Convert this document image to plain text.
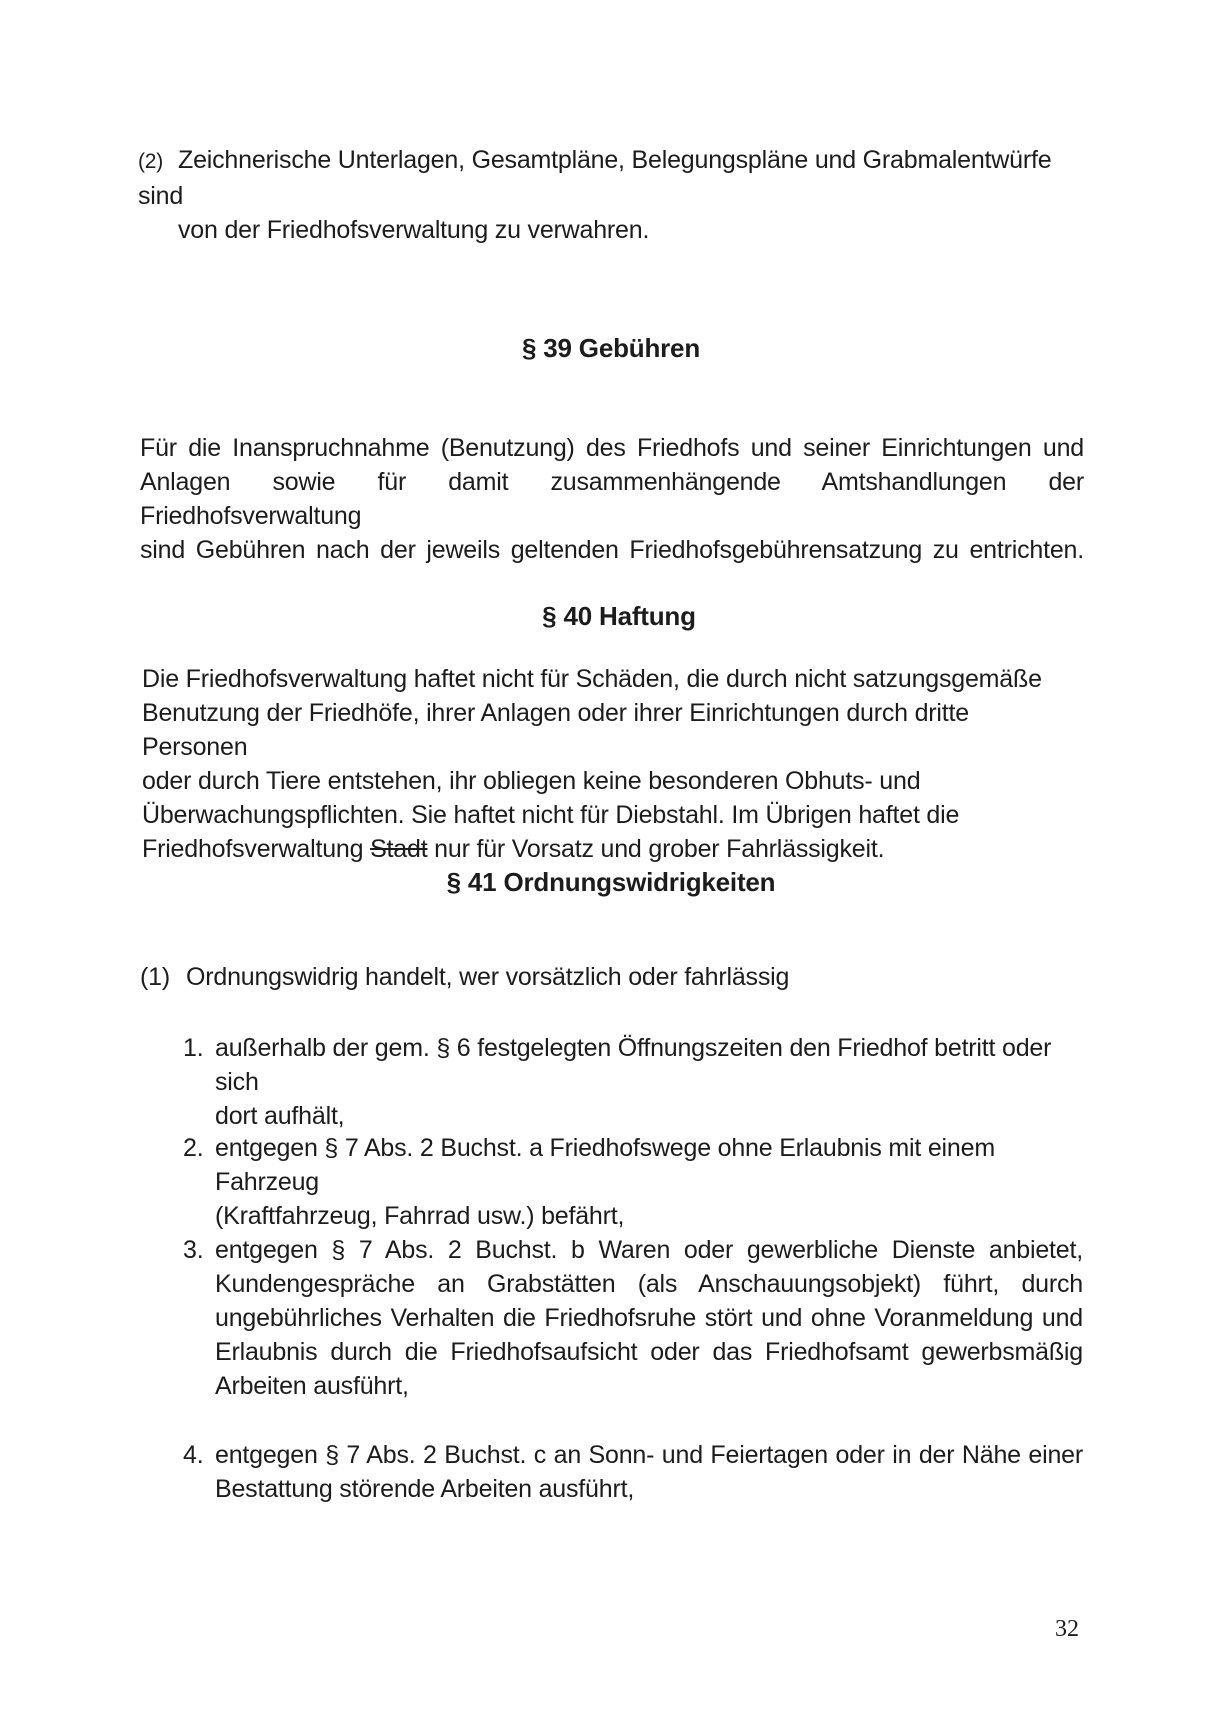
(2) Zeichnerische Unterlagen, Gesamtpläne, Belegungspläne und Grabmalentwürfe sind
von der Friedhofsverwaltung zu verwahren.
§ 39 Gebühren
Für die Inanspruchnahme (Benutzung) des Friedhofs und seiner Einrichtungen und
Anlagen sowie für damit zusammenhängende Amtshandlungen der Friedhofsverwaltung
sind Gebühren nach der jeweils geltenden Friedhofsgebührensatzung zu entrichten.
§ 40 Haftung
Die Friedhofsverwaltung haftet nicht für Schäden, die durch nicht satzungsgemäße
Benutzung der Friedhöfe, ihrer Anlagen oder ihrer Einrichtungen durch dritte Personen
oder durch Tiere entstehen, ihr obliegen keine besonderen Obhuts- und
Überwachungspflichten. Sie haftet nicht für Diebstahl. Im Übrigen haftet die
Friedhofsverwaltung Stadt nur für Vorsatz und grober Fahrlässigkeit.
§ 41 Ordnungswidrigkeiten
(1) Ordnungswidrig handelt, wer vorsätzlich oder fahrlässig
1. außerhalb der gem. § 6 festgelegten Öffnungszeiten den Friedhof betritt oder sich
dort aufhält,
2. entgegen § 7 Abs. 2 Buchst. a Friedhofswege ohne Erlaubnis mit einem Fahrzeug
(Kraftfahrzeug, Fahrrad usw.) befährt,
3. entgegen § 7 Abs. 2 Buchst. b Waren oder gewerbliche Dienste anbietet,
Kundengespräche an Grabstätten (als Anschauungsobjekt) führt, durch
ungebührliches Verhalten die Friedhofsruhe stört und ohne Voranmeldung und
Erlaubnis durch die Friedhofsaufsicht oder das Friedhofsamt gewerbsmäßig
Arbeiten ausführt,
4. entgegen § 7 Abs. 2 Buchst. c an Sonn- und Feiertagen oder in der Nähe einer
Bestattung störende Arbeiten ausführt,
32
